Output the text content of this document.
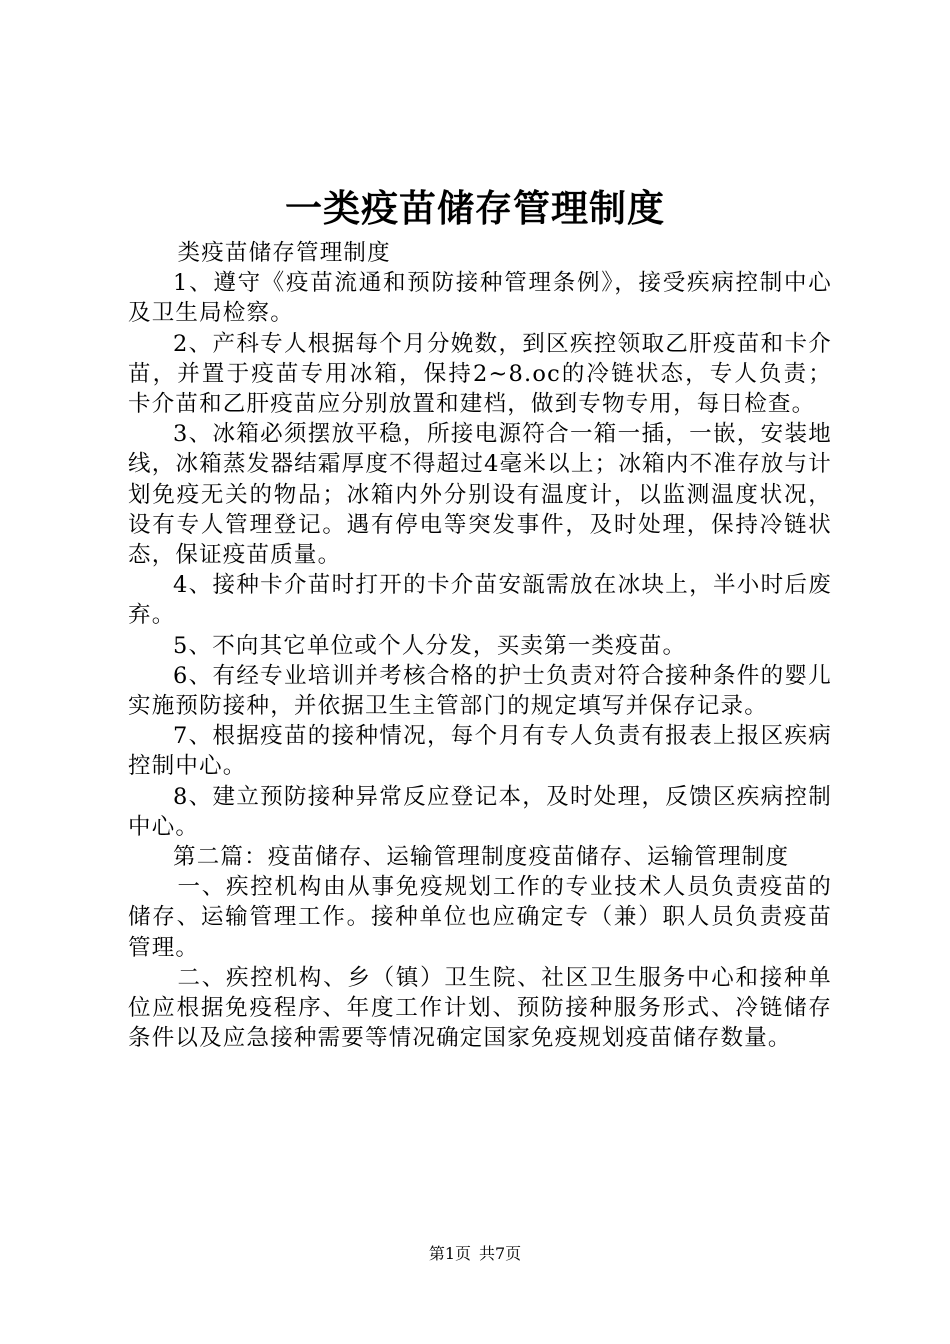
一类疫苗储存管理制度

类疫苗储存管理制度

1、遵守《疫苗流通和预防接种管理条例》，接受疾病控制中心及卫生局检察。

2、产科专人根据每个月分娩数，到区疾控领取乙肝疫苗和卡介苗，并置于疫苗专用冰箱，保持2~8.oc的冷链状态，专人负责；卡介苗和乙肝疫苗应分别放置和建档，做到专物专用，每日检查。

3、冰箱必须摆放平稳，所接电源符合一箱一插，一嵌，安装地线，冰箱蒸发器结霜厚度不得超过4毫米以上；冰箱内不准存放与计划免疫无关的物品；冰箱内外分别设有温度计，以监测温度状况，设有专人管理登记。遇有停电等突发事件，及时处理，保持冷链状态，保证疫苗质量。

4、接种卡介苗时打开的卡介苗安瓿需放在冰块上，半小时后废弃。

5、不向其它单位或个人分发，买卖第一类疫苗。

6、有经专业培训并考核合格的护士负责对符合接种条件的婴儿实施预防接种，并依据卫生主管部门的规定填写并保存记录。

7、根据疫苗的接种情况，每个月有专人负责有报表上报区疾病控制中心。

8、建立预防接种异常反应登记本，及时处理，反馈区疾病控制中心。

第二篇：疫苗储存、运输管理制度疫苗储存、运输管理制度

一、疾控机构由从事免疫规划工作的专业技术人员负责疫苗的储存、运输管理工作。接种单位也应确定专（兼）职人员负责疫苗管理。

二、疾控机构、乡（镇）卫生院、社区卫生服务中心和接种单位应根据免疫程序、年度工作计划、预防接种服务形式、冷链储存条件以及应急接种需要等情况确定国家免疫规划疫苗储存数量。

第1页 共7页
